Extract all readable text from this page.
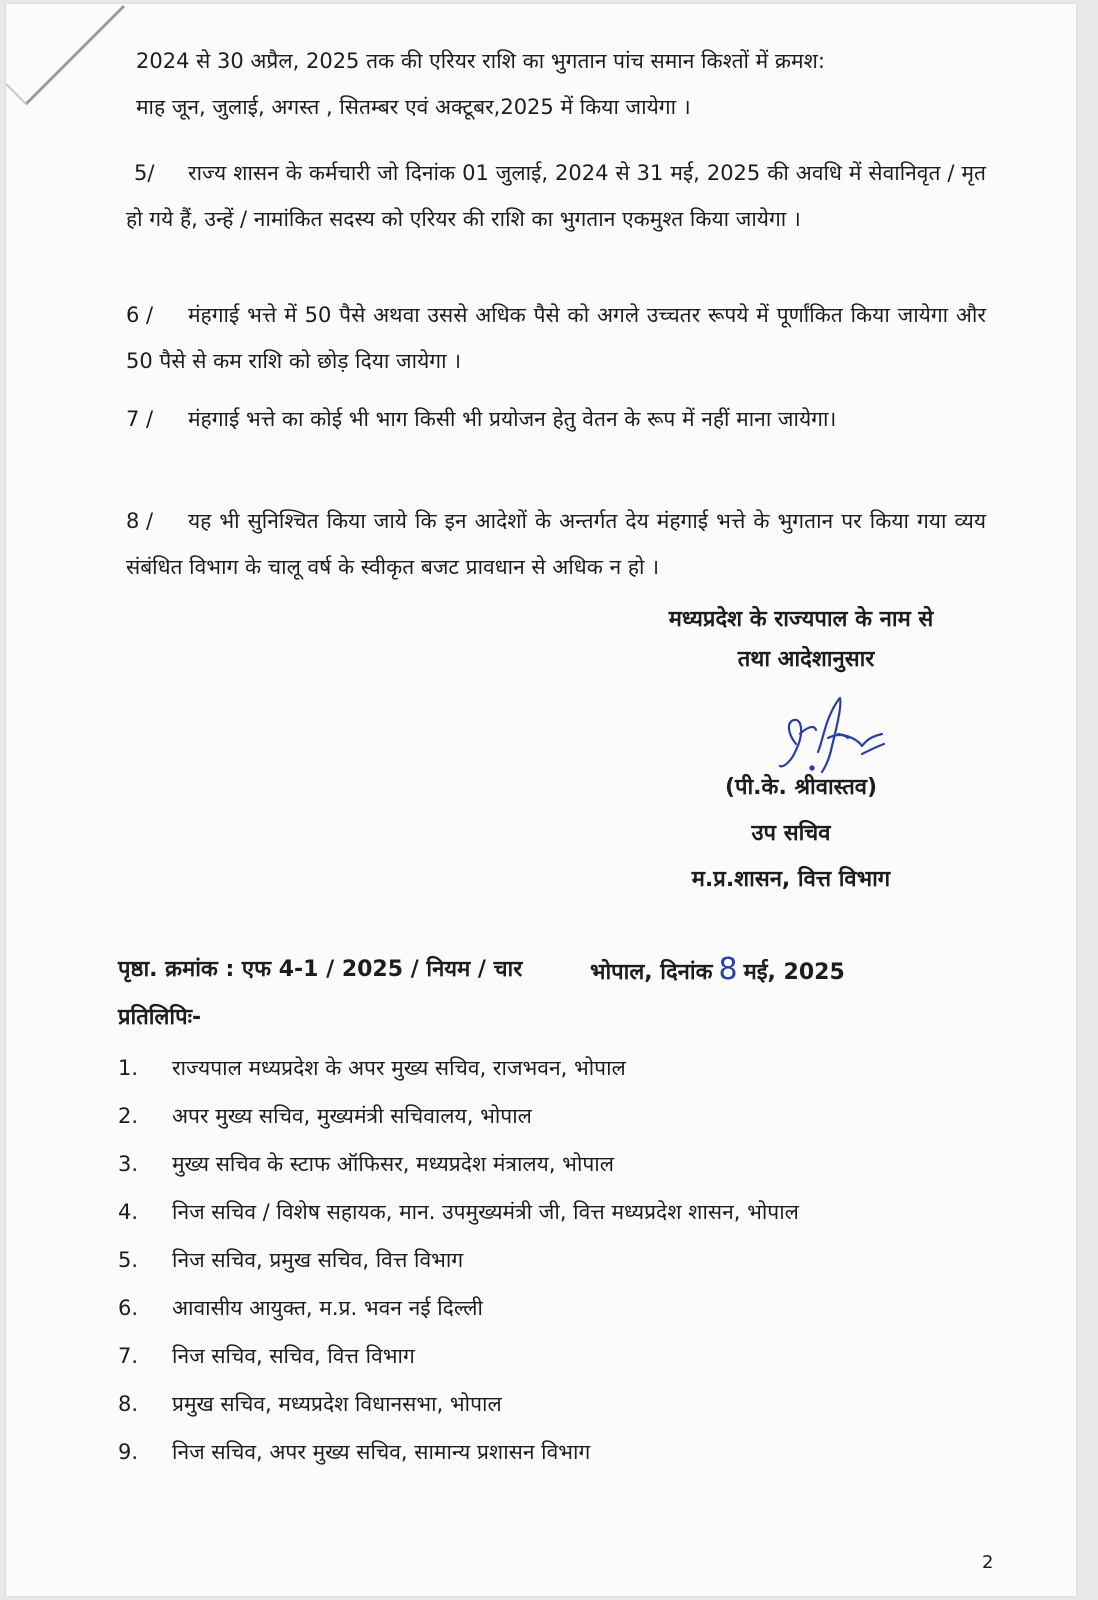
2024 से 30 अप्रैल, 2025 तक की एरियर राशि का भुगतान पांच समान किश्तों में क्रमश:
माह जून, जुलाई, अगस्त , सितम्बर एवं अक्टूबर,2025 में किया जायेगा ।
5/ राज्य शासन के कर्मचारी जो दिनांक 01 जुलाई, 2024 से 31 मई, 2025 की अवधि में सेवानिवृत / मृत हो गये हैं, उन्हें / नामांकित सदस्य को एरियर की राशि का भुगतान एकमुश्त किया जायेगा ।
6 / मंहगाई भत्ते में 50 पैसे अथवा उससे अधिक पैसे को अगले उच्चतर रूपये में पूर्णांकित किया जायेगा और 50 पैसे से कम राशि को छोड़ दिया जायेगा ।
7 / मंहगाई भत्ते का कोई भी भाग किसी भी प्रयोजन हेतु वेतन के रूप में नहीं माना जायेगा।
8 / यह भी सुनिश्चित किया जाये कि इन आदेशों के अन्तर्गत देय मंहगाई भत्ते के भुगतान पर किया गया व्यय संबंधित विभाग के चालू वर्ष के स्वीकृत बजट प्रावधान से अधिक न हो ।
मध्यप्रदेश के राज्यपाल के नाम से
तथा आदेशानुसार
(पी.के. श्रीवास्तव)
उप सचिव
म.प्र.शासन, वित्त विभाग
पृष्ठा. क्रमांक : एफ 4-1 / 2025 / नियम / चार	भोपाल, दिनांक 8 मई, 2025
प्रतिलिपिः-
1. राज्यपाल मध्यप्रदेश के अपर मुख्य सचिव, राजभवन, भोपाल
2. अपर मुख्य सचिव, मुख्यमंत्री सचिवालय, भोपाल
3. मुख्य सचिव के स्टाफ ऑफिसर, मध्यप्रदेश मंत्रालय, भोपाल
4. निज सचिव / विशेष सहायक, मान. उपमुख्यमंत्री जी, वित्त मध्यप्रदेश शासन, भोपाल
5. निज सचिव, प्रमुख सचिव, वित्त विभाग
6. आवासीय आयुक्त, म.प्र. भवन नई दिल्ली
7. निज सचिव, सचिव, वित्त विभाग
8. प्रमुख सचिव, मध्यप्रदेश विधानसभा, भोपाल
9. निज सचिव, अपर मुख्य सचिव, सामान्य प्रशासन विभाग
2
